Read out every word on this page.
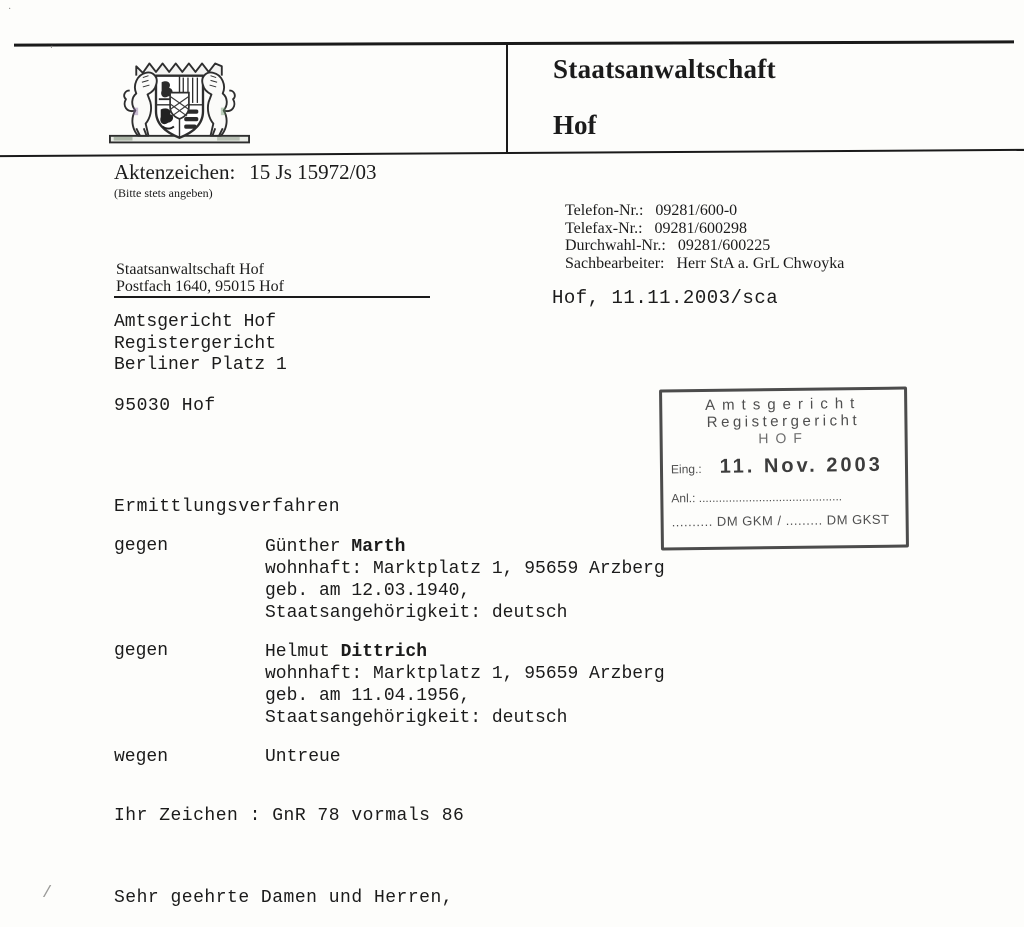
Staatsanwaltschaft
Hof
Aktenzeichen: 15 Js 15972/03
(Bitte stets angeben)
Telefon-Nr.: 09281/600-0
Telefax-Nr.: 09281/600298
Durchwahl-Nr.: 09281/600225
Sachbearbeiter: Herr StA a. GrL Chwoyka
Staatsanwaltschaft Hof
Postfach 1640, 95015 Hof
Hof, 11.11.2003/sca
Amtsgericht Hof
Registergericht
Berliner Platz 1
95030 Hof	Amtsgericht
Registergericht
HOF
Eing.: 11. Nov. 2003
Anl.: ...........................................
.......... DM GKM / ......... DM GKST
Ermittlungsverfahren
gegen	Günther Marth
wohnhaft: Marktplatz 1, 95659 Arzberg
geb. am 12.03.1940,
Staatsangehörigkeit: deutsch
gegen	Helmut Dittrich
wohnhaft: Marktplatz 1, 95659 Arzberg
geb. am 11.04.1956,
Staatsangehörigkeit: deutsch
wegen	Untreue
Ihr Zeichen : GnR 78 vormals 86
Sehr geehrte Damen und Herren,
·
ʻ
/
